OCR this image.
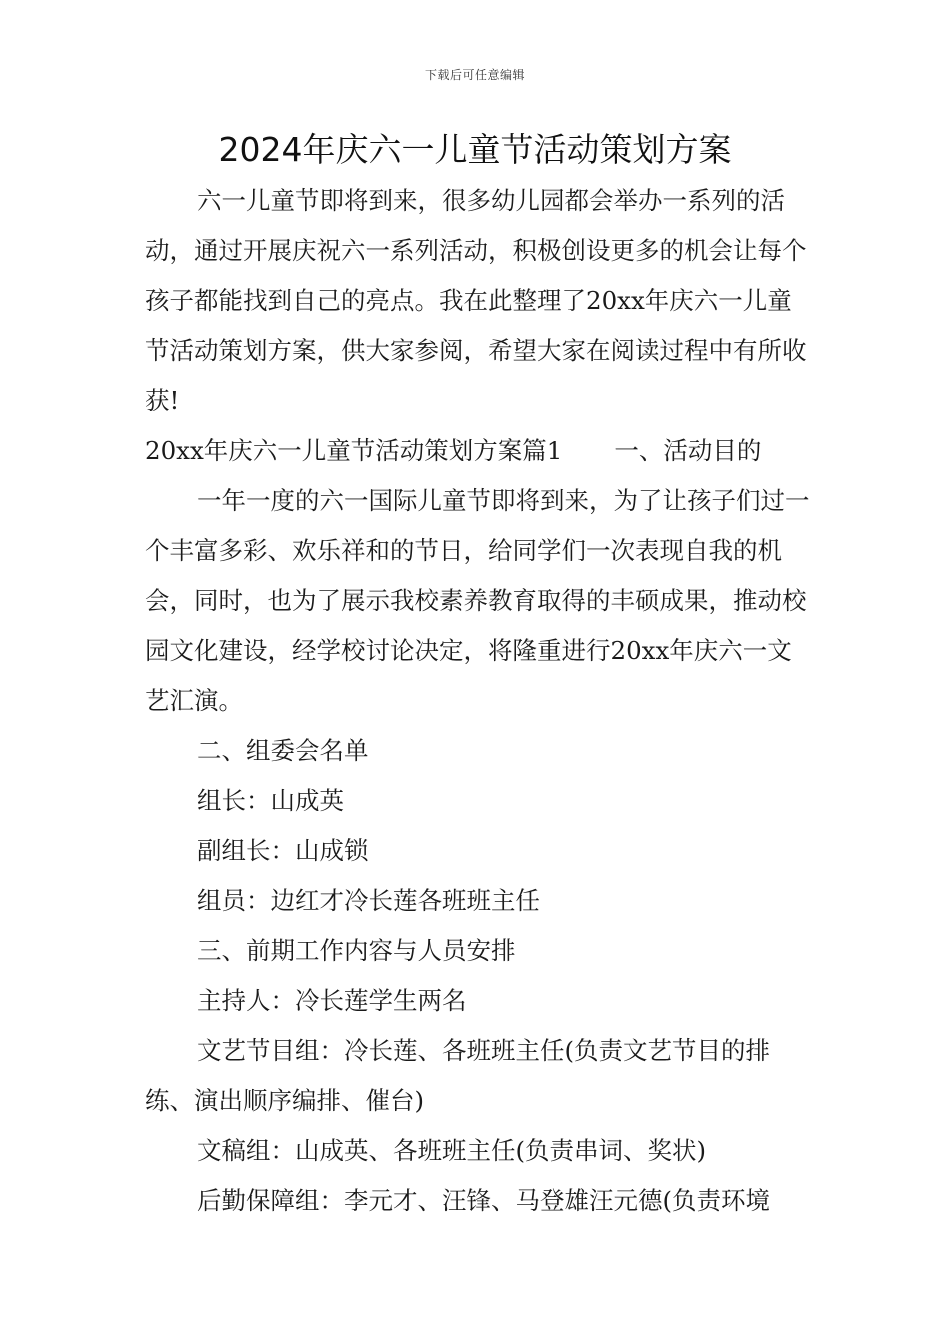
下载后可任意编辑
2024年庆六一儿童节活动策划方案

六一儿童节即将到来，很多幼儿园都会举办一系列的活动，通过开展庆祝六一系列活动，积极创设更多的机会让每个孩子都能找到自己的亮点。我在此整理了20xx年庆六一儿童节活动策划方案，供大家参阅，希望大家在阅读过程中有所收获!

20xx年庆六一儿童节活动策划方案篇1 一、活动目的

一年一度的六一国际儿童节即将到来，为了让孩子们过一个丰富多彩、欢乐祥和的节日，给同学们一次表现自我的机会，同时，也为了展示我校素养教育取得的丰硕成果，推动校园文化建设，经学校讨论决定，将隆重进行20xx年庆六一文艺汇演。

二、组委会名单

组长：山成英

副组长：山成锁

组员：边红才冷长莲各班班主任

三、前期工作内容与人员安排

主持人：冷长莲学生两名

文艺节目组：冷长莲、各班班主任(负责文艺节目的排练、演出顺序编排、催台)

文稿组：山成英、各班班主任(负责串词、奖状)

后勤保障组：李元才、汪锋、马登雄汪元德(负责环境
